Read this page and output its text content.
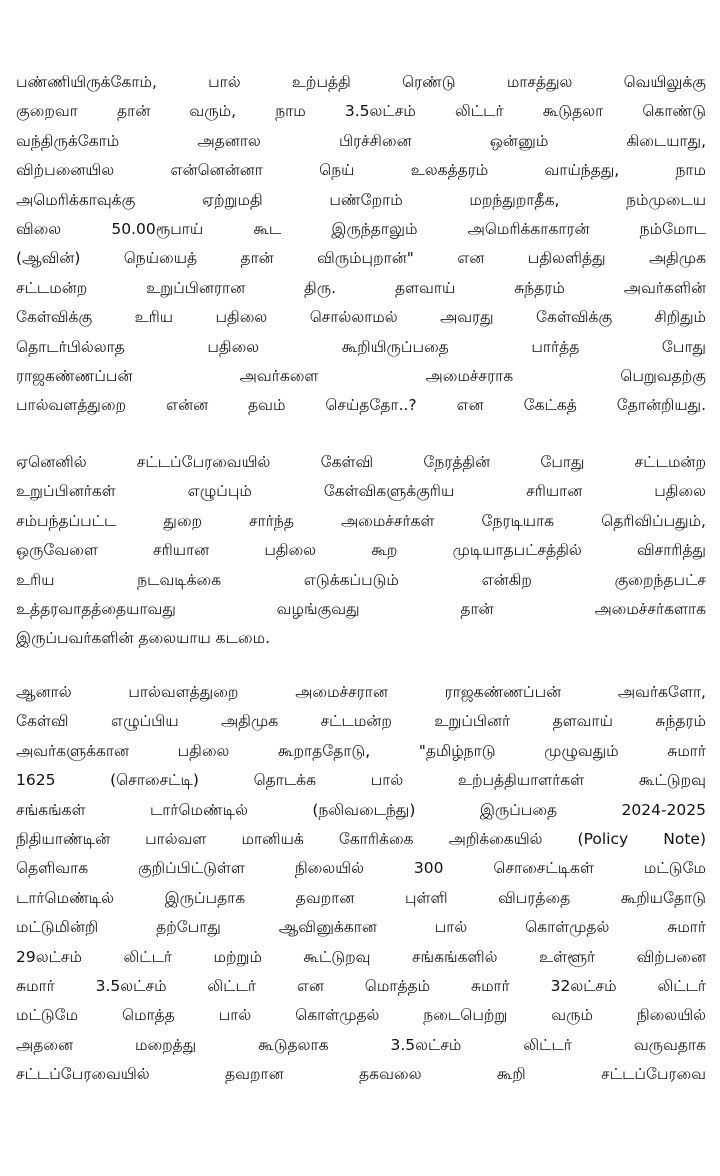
பண்ணியிருக்கோம், பால் உற்பத்தி ரெண்டு மாசத்துல வெயிலுக்கு
குறைவா தான் வரும், நாம 3.5லட்சம் லிட்டர் கூடுதலா கொண்டு
வந்திருக்கோம் அதனால பிரச்சினை ஒன்னும் கிடையாது,
விற்பனையில என்னென்னா நெய் உலகத்தரம் வாய்ந்தது, நாம
அமெரிக்காவுக்கு ஏற்றுமதி பண்றோம் மறந்துறாதீக, நம்முடைய
விலை 50.00ரூபாய் கூட இருந்தாலும் அமெரிக்காகாரன் நம்மோட
(ஆவின்) நெய்யைத் தான் விரும்புறான்" என பதிலளித்து அதிமுக
சட்டமன்ற உறுப்பினரான திரு. தளவாய் சுந்தரம் அவர்களின்
கேள்விக்கு உரிய பதிலை சொல்லாமல் அவரது கேள்விக்கு சிறிதும்
தொடர்பில்லாத பதிலை கூறியிருப்பதை பார்த்த போது
ராஜகண்ணப்பன் அவர்களை அமைச்சராக பெறுவதற்கு
பால்வளத்துறை என்ன தவம் செய்ததோ..? என கேட்கத் தோன்றியது.
ஏனெனில் சட்டப்பேரவையில் கேள்வி நேரத்தின் போது சட்டமன்ற
உறுப்பினர்கள் எழுப்பும் கேள்விகளுக்குரிய சரியான பதிலை
சம்பந்தப்பட்ட துறை சார்ந்த அமைச்சர்கள் நேரடியாக தெரிவிப்பதும்,
ஒருவேளை சரியான பதிலை கூற முடியாதபட்சத்தில் விசாரித்து
உரிய நடவடிக்கை எடுக்கப்படும் என்கிற குறைந்தபட்ச
உத்தரவாதத்தையாவது வழங்குவது தான் அமைச்சர்களாக
இருப்பவர்களின் தலையாய கடமை.
ஆனால் பால்வளத்துறை அமைச்சரான ராஜகண்ணப்பன் அவர்களோ,
கேள்வி எழுப்பிய அதிமுக சட்டமன்ற உறுப்பினர் தளவாய் சுந்தரம்
அவர்களுக்கான பதிலை கூறாததோடு, "தமிழ்நாடு முழுவதும் சுமார்
1625 (சொசைட்டி) தொடக்க பால் உற்பத்தியாளர்கள் கூட்டுறவு
சங்கங்கள் டார்மெண்டில் (நலிவடைந்து) இருப்பதை 2024-2025
நிதியாண்டின் பால்வள மானியக் கோரிக்கை அறிக்கையில் (Policy Note)
தெளிவாக குறிப்பிட்டுள்ள நிலையில் 300 சொசைட்டிகள் மட்டுமே
டார்மெண்டில் இருப்பதாக தவறான புள்ளி விபரத்தை கூறியதோடு
மட்டுமின்றி தற்போது ஆவினுக்கான பால் கொள்முதல் சுமார்
29லட்சம் லிட்டர் மற்றும் கூட்டுறவு சங்கங்களில் உள்ளூர் விற்பனை
சுமார் 3.5லட்சம் லிட்டர் என மொத்தம் சுமார் 32லட்சம் லிட்டர்
மட்டுமே மொத்த பால் கொள்முதல் நடைபெற்று வரும் நிலையில்
அதனை மறைத்து கூடுதலாக 3.5லட்சம் லிட்டர் வருவதாக
சட்டப்பேரவையில் தவறான தகவலை கூறி சட்டப்பேரவை
